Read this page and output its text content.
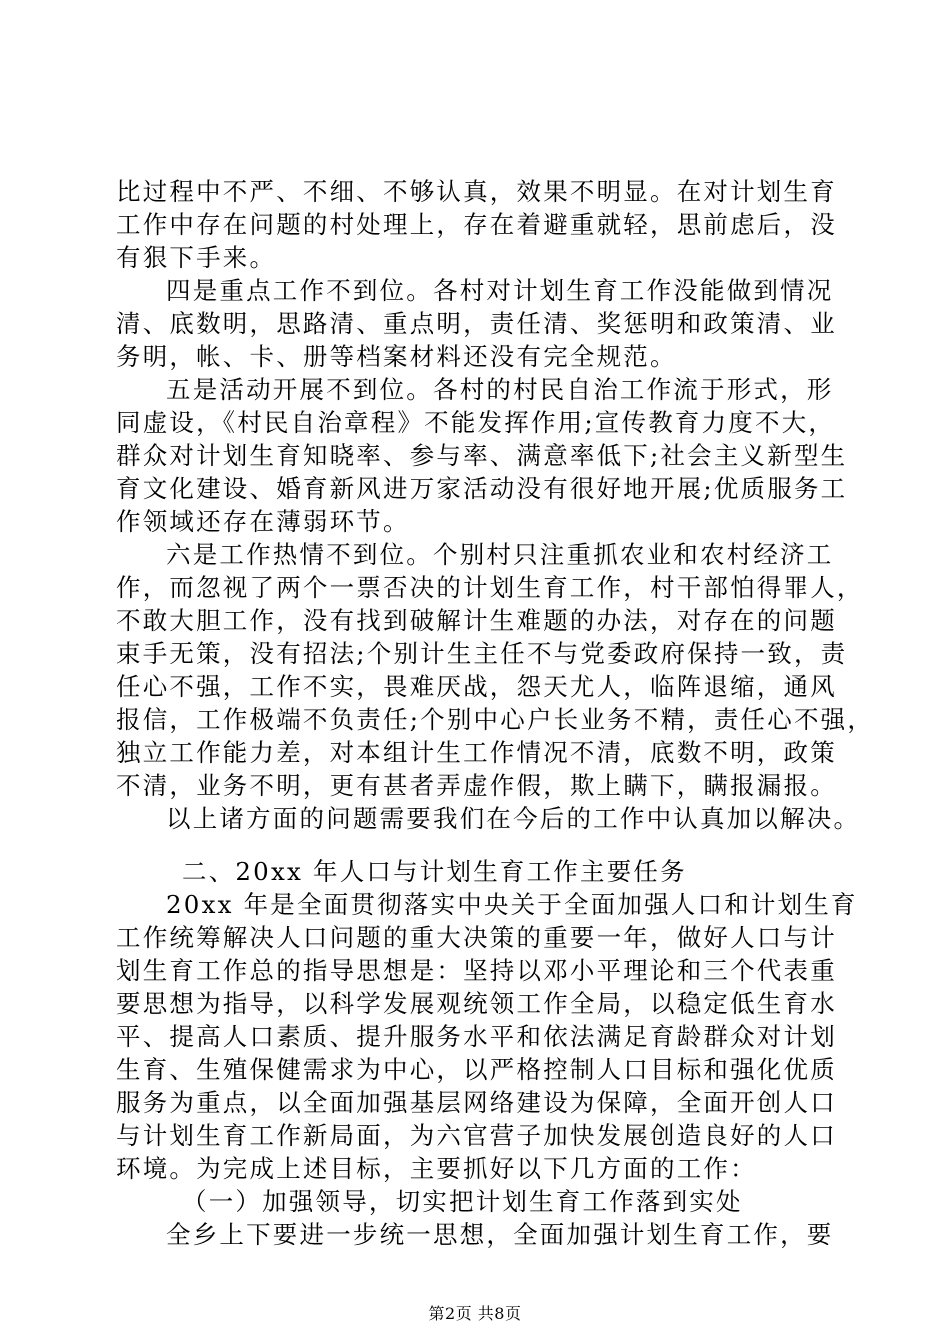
比过程中不严、不细、不够认真，效果不明显。在对计划生育
工作中存在问题的村处理上，存在着避重就轻，思前虑后，没
有狠下手来。
四是重点工作不到位。各村对计划生育工作没能做到情况
清、底数明，思路清、重点明，责任清、奖惩明和政策清、业
务明，帐、卡、册等档案材料还没有完全规范。
五是活动开展不到位。各村的村民自治工作流于形式，形
同虚设，《村民自治章程》不能发挥作用;宣传教育力度不大，
群众对计划生育知晓率、参与率、满意率低下;社会主义新型生
育文化建设、婚育新风进万家活动没有很好地开展;优质服务工
作领域还存在薄弱环节。
六是工作热情不到位。个别村只注重抓农业和农村经济工
作，而忽视了两个一票否决的计划生育工作，村干部怕得罪人，
不敢大胆工作，没有找到破解计生难题的办法，对存在的问题
束手无策，没有招法;个别计生主任不与党委政府保持一致，责
任心不强，工作不实，畏难厌战，怨天尤人，临阵退缩，通风
报信，工作极端不负责任;个别中心户长业务不精，责任心不强，
独立工作能力差，对本组计生工作情况不清，底数不明，政策
不清，业务不明，更有甚者弄虚作假，欺上瞒下，瞒报漏报。
以上诸方面的问题需要我们在今后的工作中认真加以解决。
二、20xx 年人口与计划生育工作主要任务
20xx 年是全面贯彻落实中央关于全面加强人口和计划生育
工作统筹解决人口问题的重大决策的重要一年，做好人口与计
划生育工作总的指导思想是：坚持以邓小平理论和三个代表重
要思想为指导，以科学发展观统领工作全局，以稳定低生育水
平、提高人口素质、提升服务水平和依法满足育龄群众对计划
生育、生殖保健需求为中心，以严格控制人口目标和强化优质
服务为重点，以全面加强基层网络建设为保障，全面开创人口
与计划生育工作新局面，为六官营子加快发展创造良好的人口
环境。为完成上述目标，主要抓好以下几方面的工作：
（一）加强领导，切实把计划生育工作落到实处
全乡上下要进一步统一思想，全面加强计划生育工作，要
第2页 共8页
